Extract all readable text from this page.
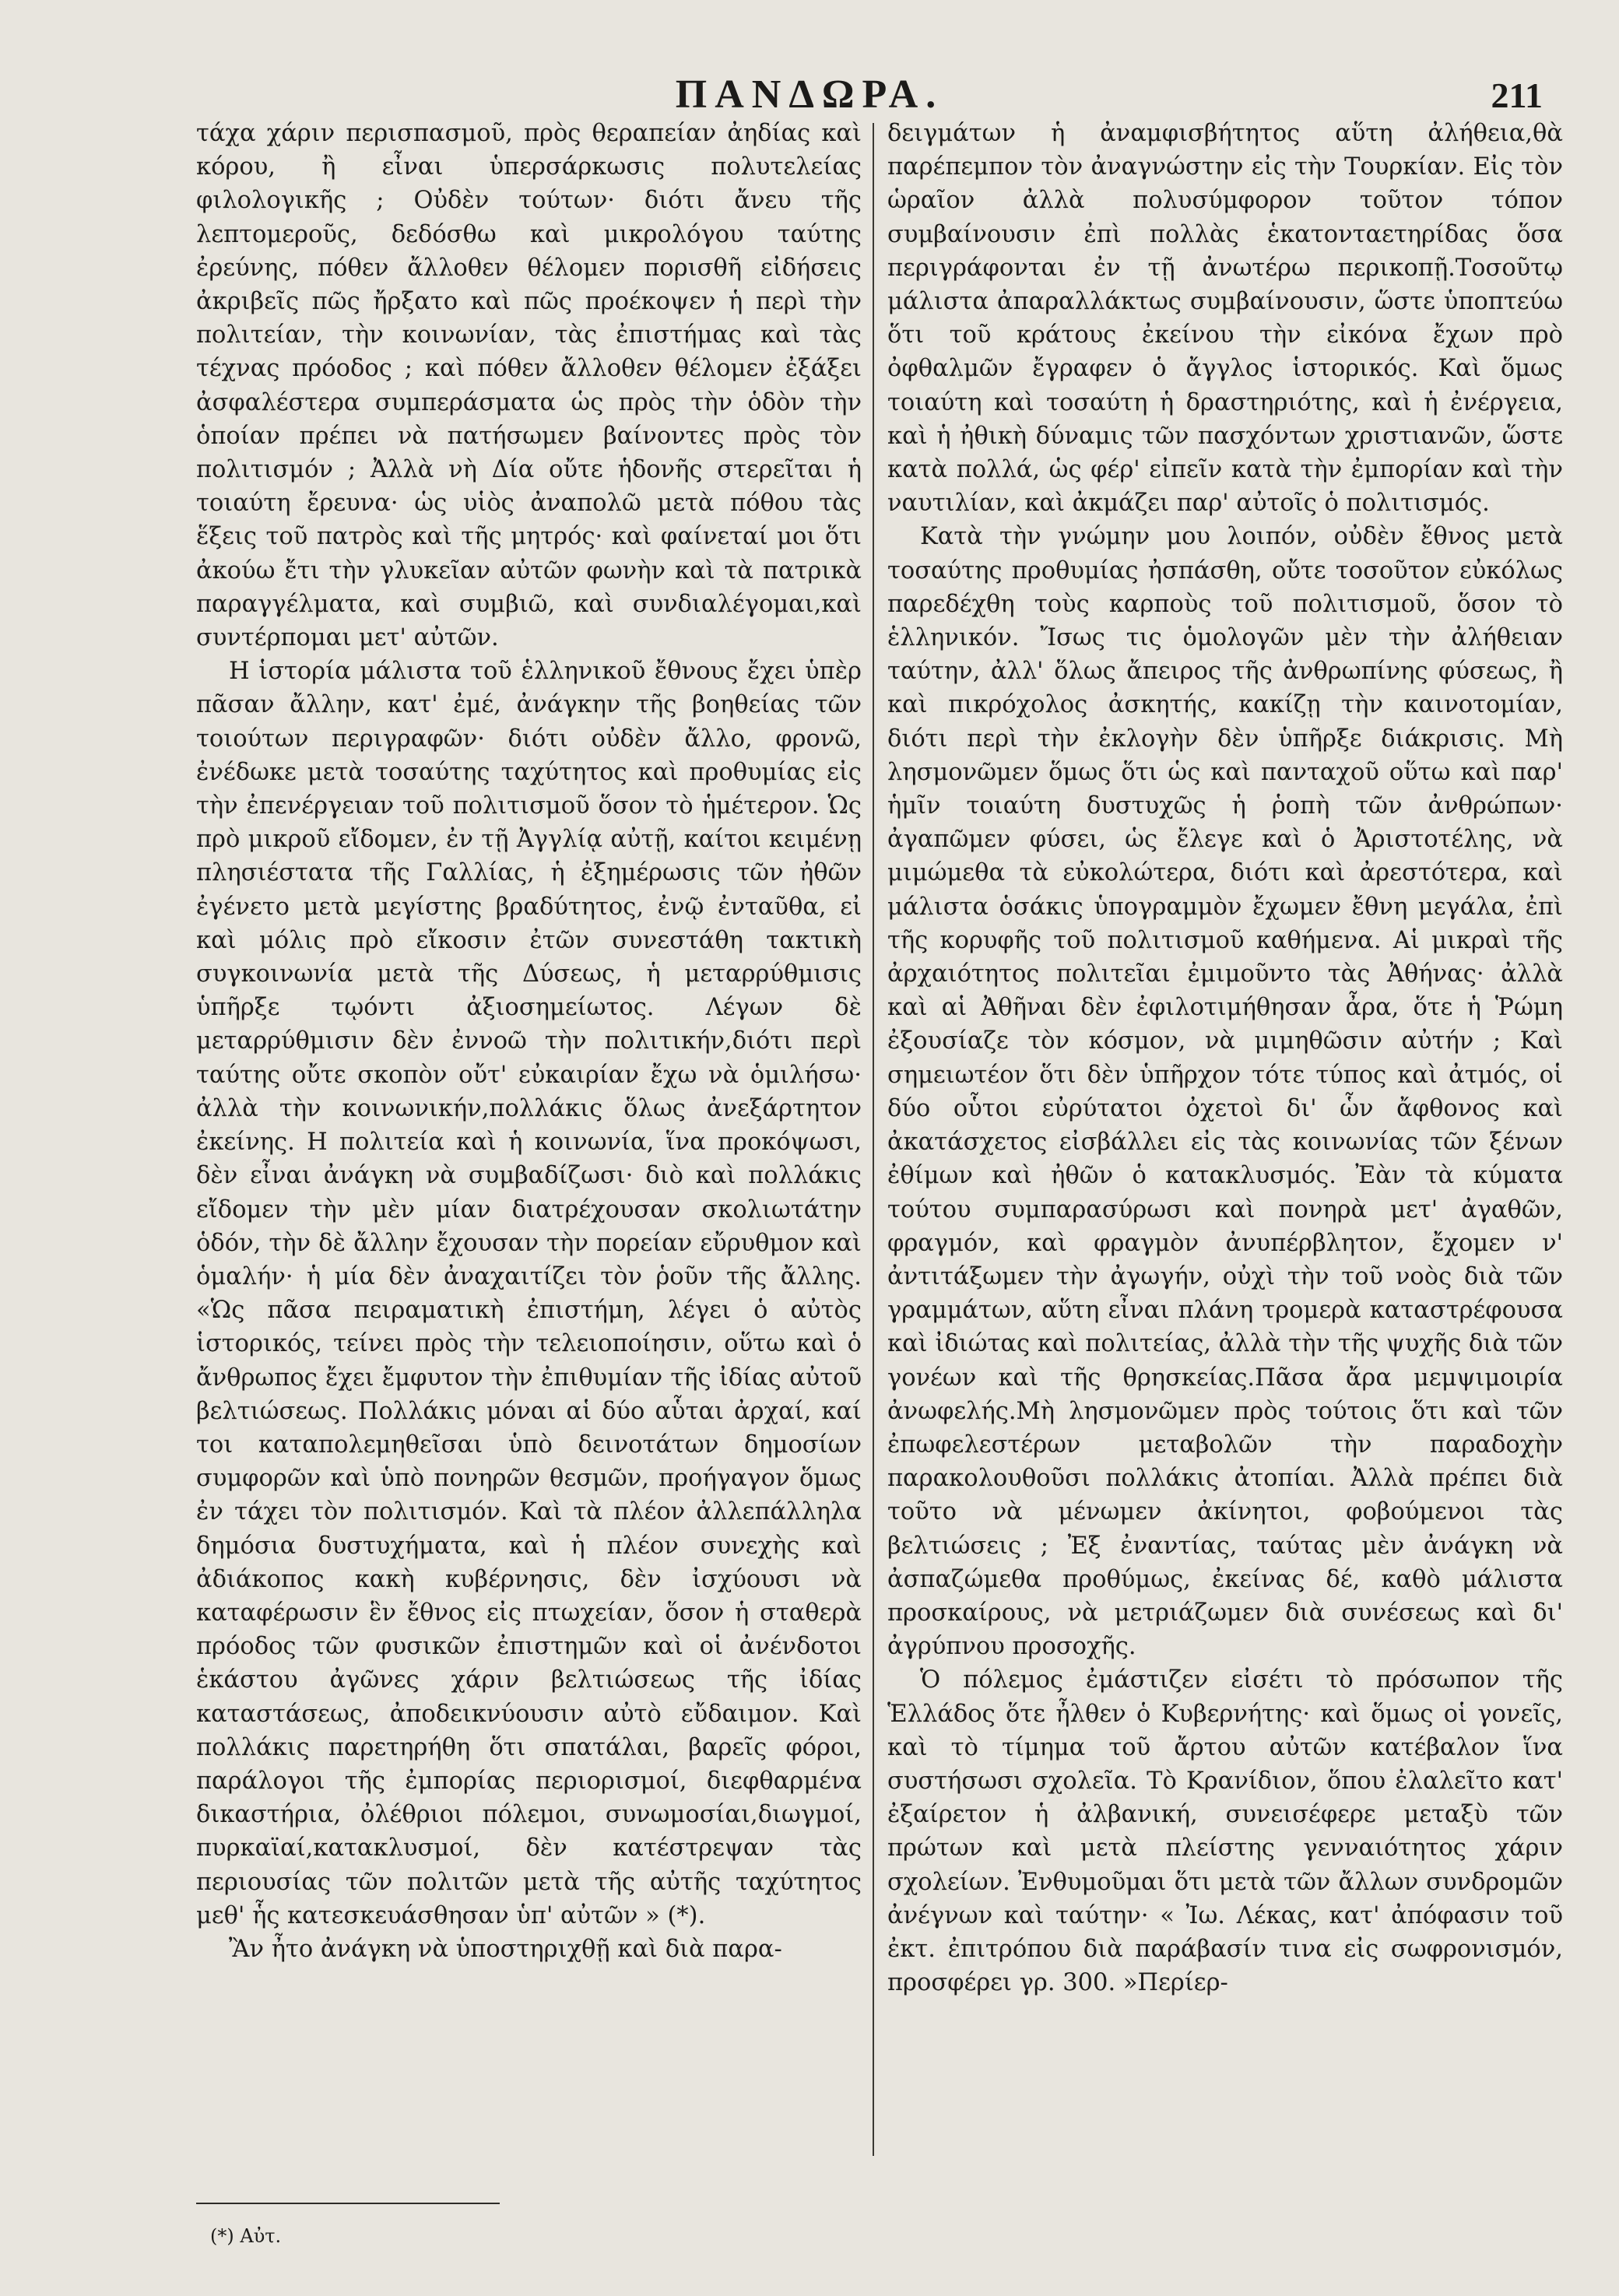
ΠΑΝΔΩΡΑ.	211

τάχα χάριν περισπασμοῦ, πρὸς θεραπείαν ἀηδίας καὶ κόρου, ἢ εἶναι ὑπερσάρκωσις πολυτελείας φιλολογικῆς ; Οὐδὲν τούτων· διότι ἄνευ τῆς λεπτομεροῦς, δεδόσθω καὶ μικρολόγου ταύτης ἐρεύνης, πόθεν ἄλλοθεν θέλομεν πορισθῆ εἰδήσεις ἀκριβεῖς πῶς ἤρξατο καὶ πῶς προέκοψεν ἡ περὶ τὴν πολιτείαν, τὴν κοινωνίαν, τὰς ἐπιστήμας καὶ τὰς τέχνας πρόοδος ; καὶ πόθεν ἄλλοθεν θέλομεν ἐξάξει ἀσφαλέστερα συμπεράσματα ὡς πρὸς τὴν ὁδὸν τὴν ὁποίαν πρέπει νὰ πατήσωμεν βαίνοντες πρὸς τὸν πολιτισμόν ; Ἀλλὰ νὴ Δία οὔτε ἡδονῆς στερεῖται ἡ τοιαύτη ἔρευνα· ὡς υἱὸς ἀναπολῶ μετὰ πόθου τὰς ἕξεις τοῦ πατρὸς καὶ τῆς μητρός· καὶ φαίνεταί μοι ὅτι ἀκούω ἔτι τὴν γλυκεῖαν αὐτῶν φωνὴν καὶ τὰ πατρικὰ παραγγέλματα, καὶ συμβιῶ, καὶ συνδιαλέγομαι,καὶ συντέρπομαι μετ' αὐτῶν.

Η ἱστορία μάλιστα τοῦ ἑλληνικοῦ ἔθνους ἔχει ὑπὲρ πᾶσαν ἄλλην, κατ' ἐμέ, ἀνάγκην τῆς βοηθείας τῶν τοιούτων περιγραφῶν· διότι οὐδὲν ἄλλο, φρονῶ, ἐνέδωκε μετὰ τοσαύτης ταχύτητος καὶ προθυμίας εἰς τὴν ἐπενέργειαν τοῦ πολιτισμοῦ ὅσον τὸ ἡμέτερον. Ὡς πρὸ μικροῦ εἴδομεν, ἐν τῇ Ἀγγλίᾳ αὐτῇ, καίτοι κειμένῃ πλησιέστατα τῆς Γαλλίας, ἡ ἐξημέρωσις τῶν ἠθῶν ἐγένετο μετὰ μεγίστης βραδύτητος, ἐνῷ ἐνταῦθα, εἰ καὶ μόλις πρὸ εἴκοσιν ἐτῶν συνεστάθη τακτικὴ συγκοινωνία μετὰ τῆς Δύσεως, ἡ μεταρρύθμισις ὑπῆρξε τῳόντι ἀξιοσημείωτος. Λέγων δὲ μεταρρύθμισιν δὲν ἐννοῶ τὴν πολιτικήν,διότι περὶ ταύτης οὔτε σκοπὸν οὔτ' εὐκαιρίαν ἔχω νὰ ὁμιλήσω· ἀλλὰ τὴν κοινωνικήν,πολλάκις ὅλως ἀνεξάρτητον ἐκείνης. Η πολιτεία καὶ ἡ κοινωνία, ἵνα προκόψωσι, δὲν εἶναι ἀνάγκη νὰ συμβαδίζωσι· διὸ καὶ πολλάκις εἴδομεν τὴν μὲν μίαν διατρέχουσαν σκολιωτάτην ὁδόν, τὴν δὲ ἄλλην ἔχουσαν τὴν πορείαν εὔρυθμον καὶ ὁμαλήν· ἡ μία δὲν ἀναχαιτίζει τὸν ῥοῦν τῆς ἄλλης. «Ὡς πᾶσα πειραματικὴ ἐπιστήμη, λέγει ὁ αὐτὸς ἱστορικός, τείνει πρὸς τὴν τελειοποίησιν, οὕτω καὶ ὁ ἄνθρωπος ἔχει ἔμφυτον τὴν ἐπιθυμίαν τῆς ἰδίας αὐτοῦ βελτιώσεως. Πολλάκις μόναι αἱ δύο αὗται ἀρχαί, καί τοι καταπολεμηθεῖσαι ὑπὸ δεινοτάτων δημοσίων συμφορῶν καὶ ὑπὸ πονηρῶν θεσμῶν, προήγαγον ὅμως ἐν τάχει τὸν πολιτισμόν. Καὶ τὰ πλέον ἀλλεπάλληλα δημόσια δυστυχήματα, καὶ ἡ πλέον συνεχὴς καὶ ἀδιάκοπος κακὴ κυβέρνησις, δὲν ἰσχύουσι νὰ καταφέρωσιν ἓν ἔθνος εἰς πτωχείαν, ὅσον ἡ σταθερὰ πρόοδος τῶν φυσικῶν ἐπιστημῶν καὶ οἱ ἀνένδοτοι ἑκάστου ἀγῶνες χάριν βελτιώσεως τῆς ἰδίας καταστάσεως, ἀποδεικνύουσιν αὐτὸ εὔδαιμον. Καὶ πολλάκις παρετηρήθη ὅτι σπατάλαι, βαρεῖς φόροι, παράλογοι τῆς ἐμπορίας περιορισμοί, διεφθαρμένα δικαστήρια, ὀλέθριοι πόλεμοι, συνωμοσίαι,διωγμοί, πυρκαϊαί,κατακλυσμοί, δὲν κατέστρεψαν τὰς περιουσίας τῶν πολιτῶν μετὰ τῆς αὐτῆς ταχύτητος μεθ' ἧς κατεσκευάσθησαν ὑπ' αὐτῶν » (*).

Ἂν ἦτο ἀνάγκη νὰ ὑποστηριχθῇ καὶ διὰ παρα-

δειγμάτων ἡ ἀναμφισβήτητος αὕτη ἀλήθεια,θὰ παρέπεμπον τὸν ἀναγνώστην εἰς τὴν Τουρκίαν. Εἰς τὸν ὡραῖον ἀλλὰ πολυσύμφορον τοῦτον τόπον συμβαίνουσιν ἐπὶ πολλὰς ἑκατονταετηρίδας ὅσα περιγράφονται ἐν τῇ ἀνωτέρω περικοπῇ.Τοσοῦτῳ μάλιστα ἀπαραλλάκτως συμβαίνουσιν, ὥστε ὑποπτεύω ὅτι τοῦ κράτους ἐκείνου τὴν εἰκόνα ἔχων πρὸ ὀφθαλμῶν ἔγραφεν ὁ ἄγγλος ἱστορικός. Καὶ ὅμως τοιαύτη καὶ τοσαύτη ἡ δραστηριότης, καὶ ἡ ἐνέργεια, καὶ ἡ ἠθικὴ δύναμις τῶν πασχόντων χριστιανῶν, ὥστε κατὰ πολλά, ὡς φέρ' εἰπεῖν κατὰ τὴν ἐμπορίαν καὶ τὴν ναυτιλίαν, καὶ ἀκμάζει παρ' αὐτοῖς ὁ πολιτισμός.

Κατὰ τὴν γνώμην μου λοιπόν, οὐδὲν ἔθνος μετὰ τοσαύτης προθυμίας ἠσπάσθη, οὔτε τοσοῦτον εὐκόλως παρεδέχθη τοὺς καρποὺς τοῦ πολιτισμοῦ, ὅσον τὸ ἑλληνικόν. Ἴσως τις ὁμολογῶν μὲν τὴν ἀλήθειαν ταύτην, ἀλλ' ὅλως ἄπειρος τῆς ἀνθρωπίνης φύσεως, ἢ καὶ πικρόχολος ἀσκητής, κακίζῃ τὴν καινοτομίαν, διότι περὶ τὴν ἐκλογὴν δὲν ὑπῆρξε διάκρισις. Μὴ λησμονῶμεν ὅμως ὅτι ὡς καὶ πανταχοῦ οὕτω καὶ παρ' ἡμῖν τοιαύτη δυστυχῶς ἡ ῥοπὴ τῶν ἀνθρώπων· ἀγαπῶμεν φύσει, ὡς ἔλεγε καὶ ὁ Ἀριστοτέλης, νὰ μιμώμεθα τὰ εὐκολώτερα, διότι καὶ ἀρεστότερα, καὶ μάλιστα ὁσάκις ὑπογραμμὸν ἔχωμεν ἔθνη μεγάλα, ἐπὶ τῆς κορυφῆς τοῦ πολιτισμοῦ καθήμενα. Αἱ μικραὶ τῆς ἀρχαιότητος πολιτεῖαι ἐμιμοῦντο τὰς Ἀθήνας· ἀλλὰ καὶ αἱ Ἀθῆναι δὲν ἐφιλοτιμήθησαν ἆρα, ὅτε ἡ Ῥώμη ἐξουσίαζε τὸν κόσμον, νὰ μιμηθῶσιν αὐτήν ; Καὶ σημειωτέον ὅτι δὲν ὑπῆρχον τότε τύπος καὶ ἀτμός, οἱ δύο οὗτοι εὐρύτατοι ὀχετοὶ δι' ὧν ἄφθονος καὶ ἀκατάσχετος εἰσβάλλει εἰς τὰς κοινωνίας τῶν ξένων ἐθίμων καὶ ἠθῶν ὁ κατακλυσμός. Ἐὰν τὰ κύματα τούτου συμπαρασύρωσι καὶ πονηρὰ μετ' ἀγαθῶν, φραγμόν, καὶ φραγμὸν ἀνυπέρβλητον, ἔχομεν ν' ἀντιτάξωμεν τὴν ἀγωγήν, οὐχὶ τὴν τοῦ νοὸς διὰ τῶν γραμμάτων, αὕτη εἶναι πλάνη τρομερὰ καταστρέφουσα καὶ ἰδιώτας καὶ πολιτείας, ἀλλὰ τὴν τῆς ψυχῆς διὰ τῶν γονέων καὶ τῆς θρησκείας.Πᾶσα ἄρα μεμψιμοιρία ἀνωφελής.Μὴ λησμονῶμεν πρὸς τούτοις ὅτι καὶ τῶν ἐπωφελεστέρων μεταβολῶν τὴν παραδοχὴν παρακολουθοῦσι πολλάκις ἀτοπίαι. Ἀλλὰ πρέπει διὰ τοῦτο νὰ μένωμεν ἀκίνητοι, φοβούμενοι τὰς βελτιώσεις ; Ἐξ ἐναντίας, ταύτας μὲν ἀνάγκη νὰ ἀσπαζώμεθα προθύμως, ἐκείνας δέ, καθὸ μάλιστα προσκαίρους, νὰ μετριάζωμεν διὰ συνέσεως καὶ δι' ἀγρύπνου προσοχῆς.

Ὁ πόλεμος ἐμάστιζεν εἰσέτι τὸ πρόσωπον τῆς Ἑλλάδος ὅτε ἦλθεν ὁ Κυβερνήτης· καὶ ὅμως οἱ γονεῖς, καὶ τὸ τίμημα τοῦ ἄρτου αὐτῶν κατέβαλον ἵνα συστήσωσι σχολεῖα. Τὸ Κρανίδιον, ὅπου ἐλαλεῖτο κατ' ἐξαίρετον ἡ ἀλβανική, συνεισέφερε μεταξὺ τῶν πρώτων καὶ μετὰ πλείστης γενναιότητος χάριν σχολείων. Ἐνθυμοῦμαι ὅτι μετὰ τῶν ἄλλων συνδρομῶν ἀνέγνων καὶ ταύτην· « Ἰω. Λέκας, κατ' ἀπόφασιν τοῦ ἐκτ. ἐπιτρόπου διὰ παράβασίν τινα εἰς σωφρονισμόν, προσφέρει γρ. 300. »Περίερ-

(*) Αὐτ.
